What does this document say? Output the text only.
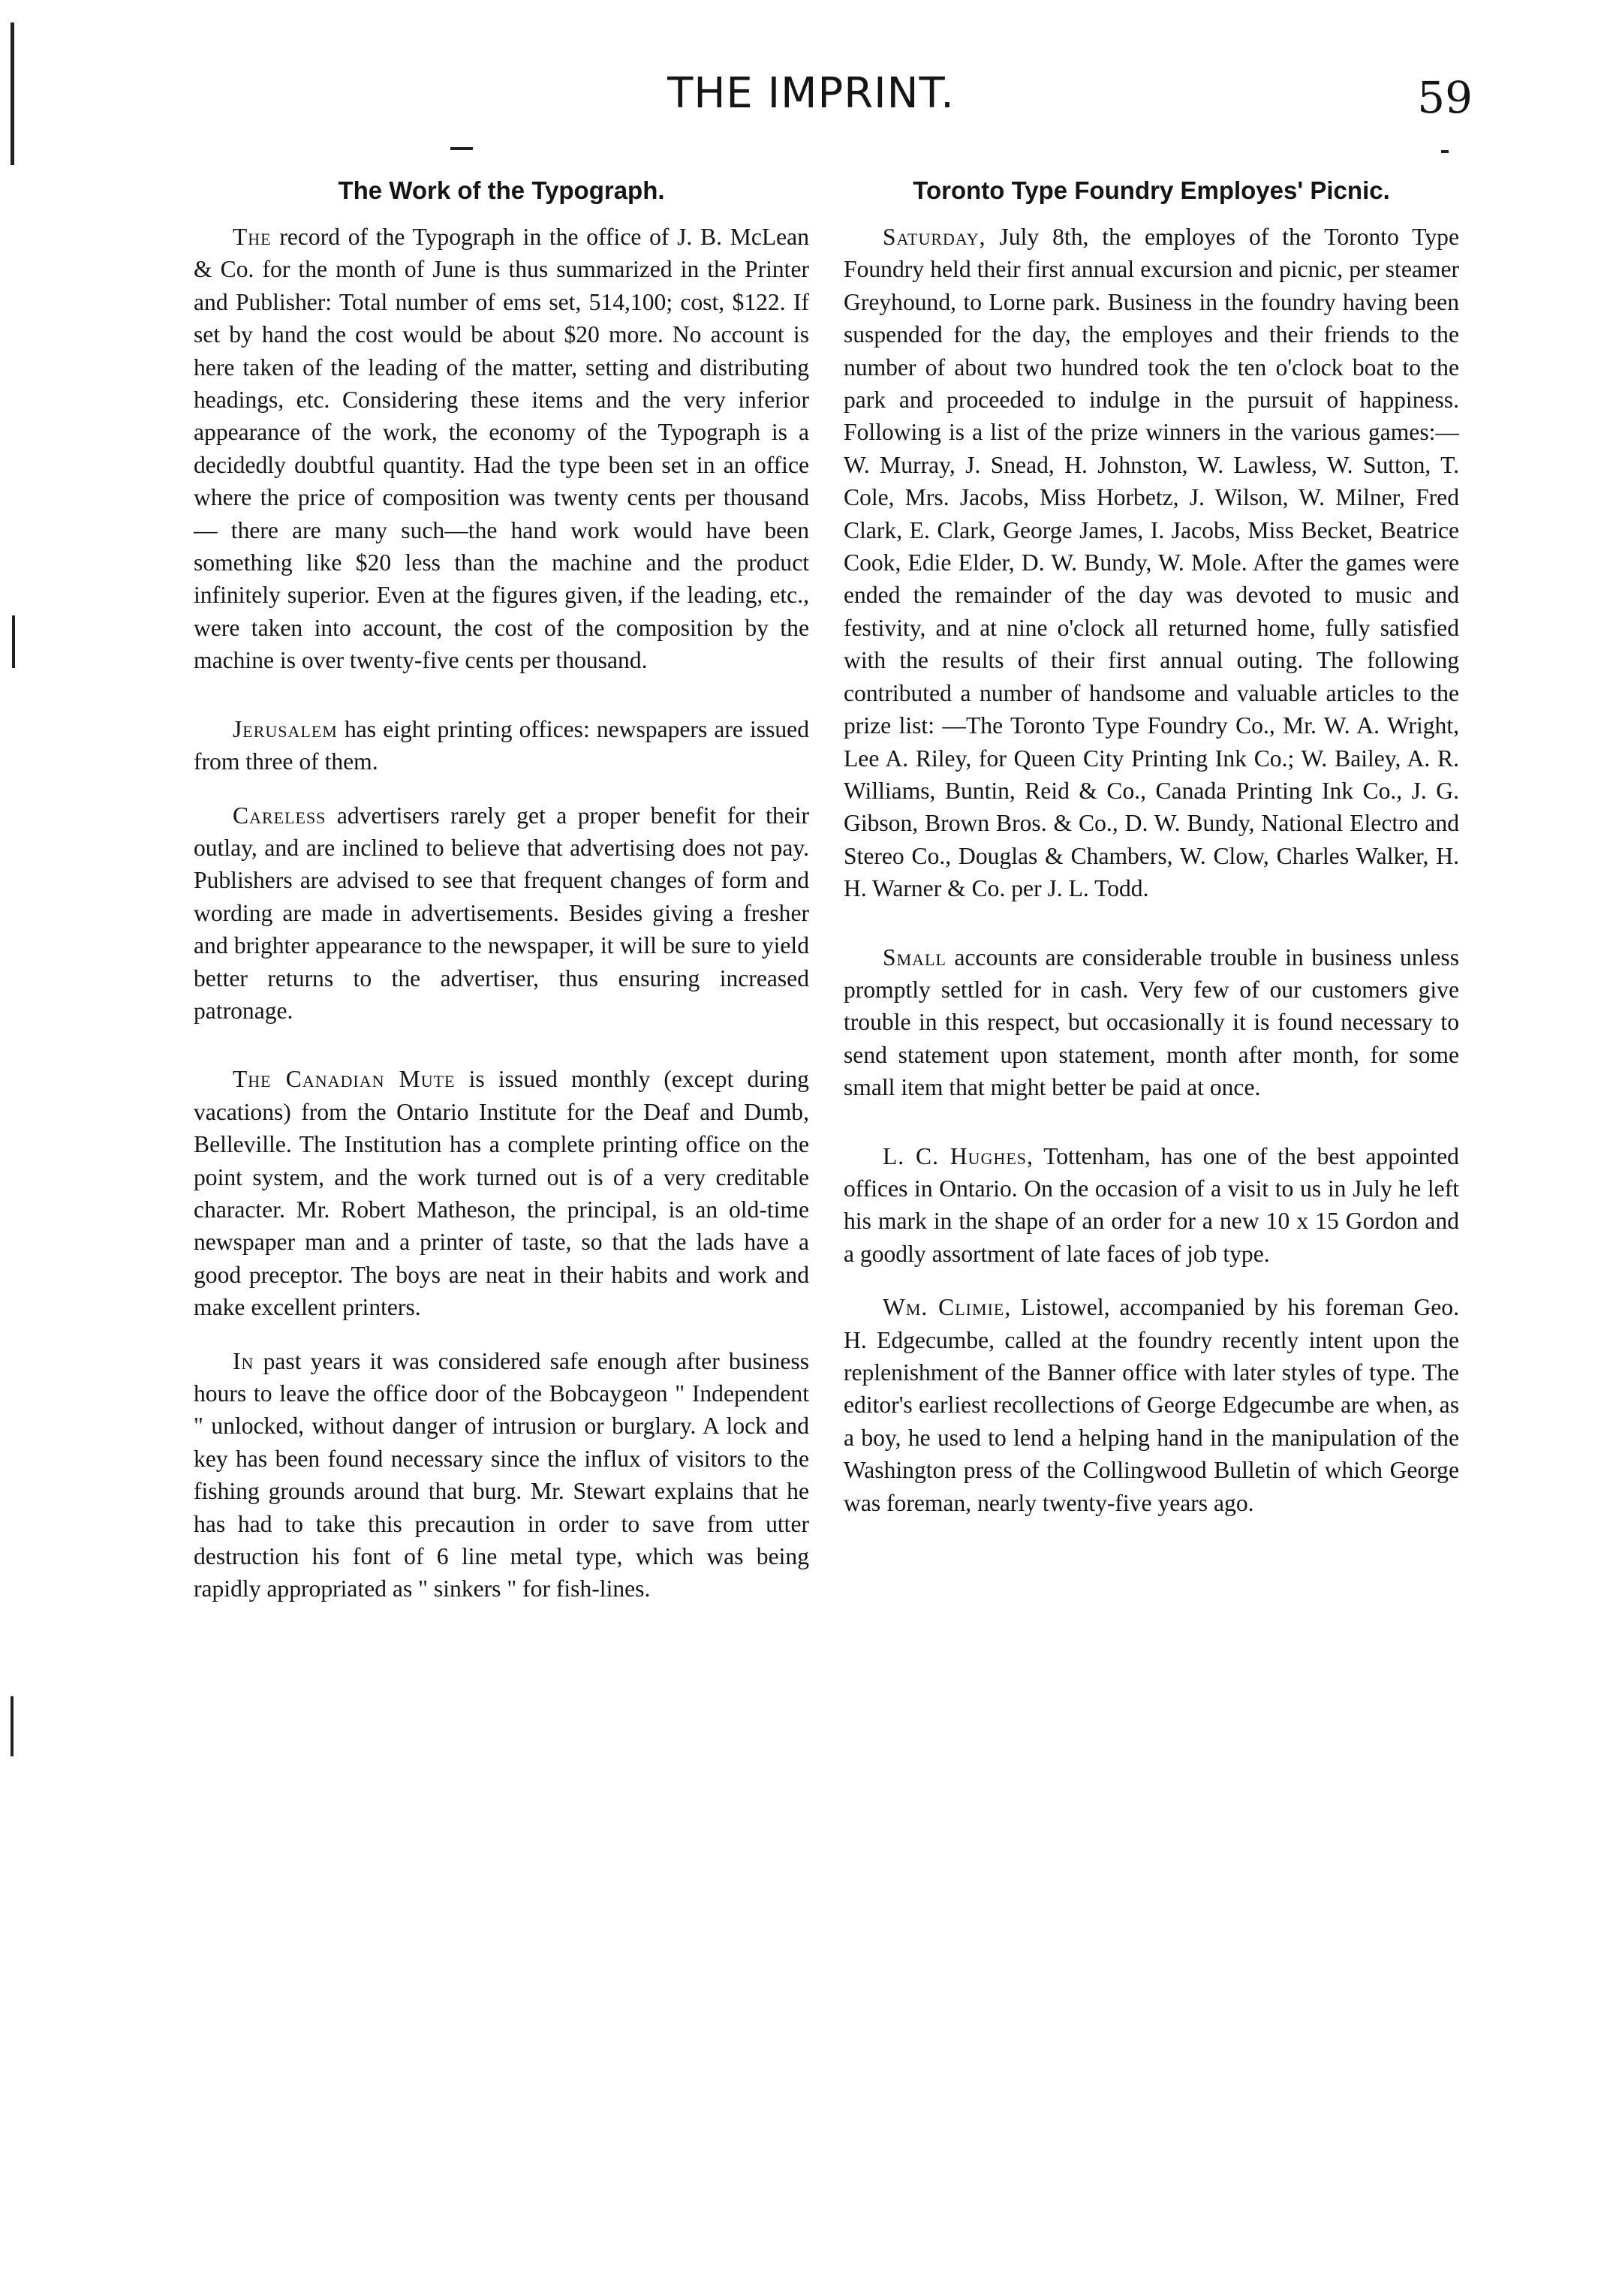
THE IMPRINT.	59
The Work of the Typograph.

The record of the Typograph in the office of J. B. McLean & Co. for the month of June is thus summarized in the Printer and Publisher: Total number of ems set, 514,100; cost, $122. If set by hand the cost would be about $20 more. No account is here taken of the leading of the matter, setting and distributing headings, etc. Considering these items and the very inferior appearance of the work, the economy of the Typograph is a decidedly doubtful quantity. Had the type been set in an office where the price of composition was twenty cents per thousand — there are many such—the hand work would have been something like $20 less than the machine and the product infinitely superior. Even at the figures given, if the leading, etc., were taken into account, the cost of the composition by the machine is over twenty-five cents per thousand.

Jerusalem has eight printing offices: newspapers are issued from three of them.

Careless advertisers rarely get a proper benefit for their outlay, and are inclined to believe that advertising does not pay. Publishers are advised to see that frequent changes of form and wording are made in advertisements. Besides giving a fresher and brighter appearance to the newspaper, it will be sure to yield better returns to the advertiser, thus ensuring increased patronage.

The Canadian Mute is issued monthly (except during vacations) from the Ontario Institute for the Deaf and Dumb, Belleville. The Institution has a complete printing office on the point system, and the work turned out is of a very creditable character. Mr. Robert Matheson, the principal, is an old-time newspaper man and a printer of taste, so that the lads have a good preceptor. The boys are neat in their habits and work and make excellent printers.

In past years it was considered safe enough after business hours to leave the office door of the Bobcaygeon " Independent " unlocked, without danger of intrusion or burglary. A lock and key has been found necessary since the influx of visitors to the fishing grounds around that burg. Mr. Stewart explains that he has had to take this precaution in order to save from utter destruction his font of 6 line metal type, which was being rapidly appropriated as " sinkers " for fish-lines.

Toronto Type Foundry Employes' Picnic.

Saturday, July 8th, the employes of the Toronto Type Foundry held their first annual excursion and picnic, per steamer Greyhound, to Lorne park. Business in the foundry having been suspended for the day, the employes and their friends to the number of about two hundred took the ten o'clock boat to the park and proceeded to indulge in the pursuit of happiness. Following is a list of the prize winners in the various games:— W. Murray, J. Snead, H. Johnston, W. Lawless, W. Sutton, T. Cole, Mrs. Jacobs, Miss Horbetz, J. Wilson, W. Milner, Fred Clark, E. Clark, George James, I. Jacobs, Miss Becket, Beatrice Cook, Edie Elder, D. W. Bundy, W. Mole. After the games were ended the remainder of the day was devoted to music and festivity, and at nine o'clock all returned home, fully satisfied with the results of their first annual outing. The following contributed a number of handsome and valuable articles to the prize list: —The Toronto Type Foundry Co., Mr. W. A. Wright, Lee A. Riley, for Queen City Printing Ink Co.; W. Bailey, A. R. Williams, Buntin, Reid & Co., Canada Printing Ink Co., J. G. Gibson, Brown Bros. & Co., D. W. Bundy, National Electro and Stereo Co., Douglas & Chambers, W. Clow, Charles Walker, H. H. Warner & Co. per J. L. Todd.

Small accounts are considerable trouble in business unless promptly settled for in cash. Very few of our customers give trouble in this respect, but occasionally it is found necessary to send statement upon statement, month after month, for some small item that might better be paid at once.

L. C. Hughes, Tottenham, has one of the best appointed offices in Ontario. On the occasion of a visit to us in July he left his mark in the shape of an order for a new 10 x 15 Gordon and a goodly assortment of late faces of job type.

Wm. Climie, Listowel, accompanied by his foreman Geo. H. Edgecumbe, called at the foundry recently intent upon the replenishment of the Banner office with later styles of type. The editor's earliest recollections of George Edgecumbe are when, as a boy, he used to lend a helping hand in the manipulation of the Washington press of the Collingwood Bulletin of which George was foreman, nearly twenty-five years ago.
